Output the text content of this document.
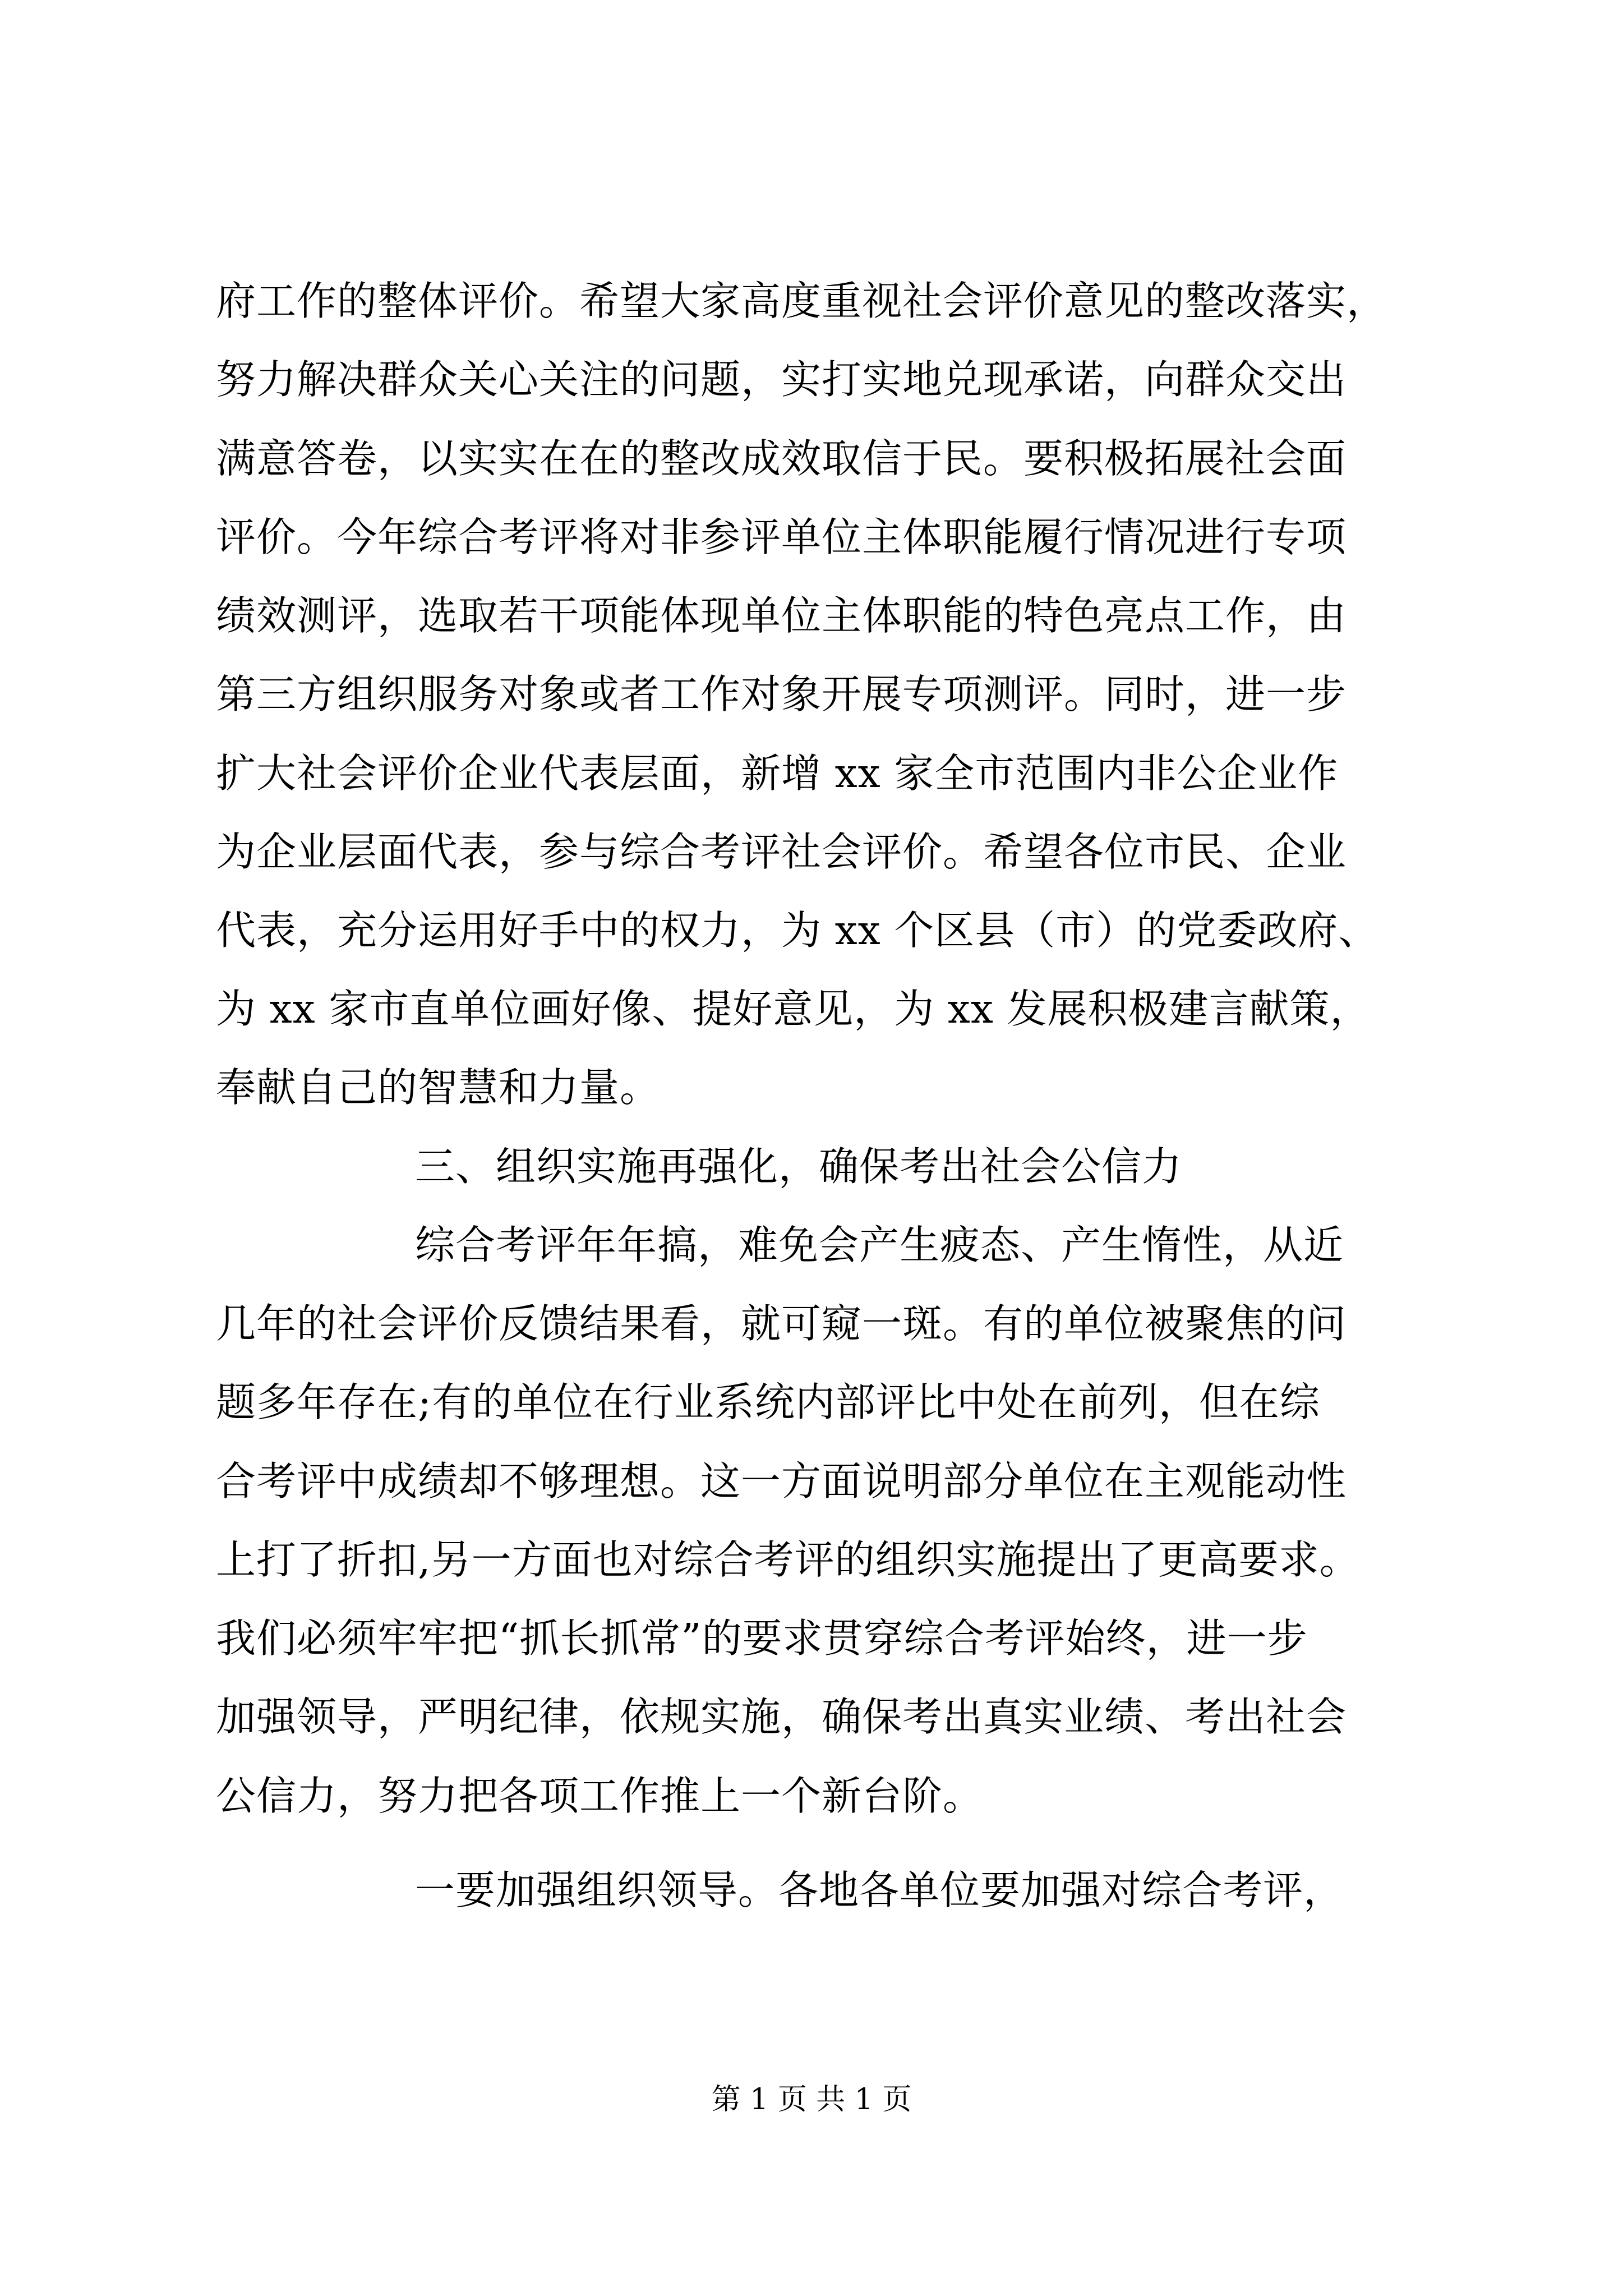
府工作的整体评价。希望大家高度重视社会评价意见的整改落实，
努力解决群众关心关注的问题，实打实地兑现承诺，向群众交出
满意答卷，以实实在在的整改成效取信于民。要积极拓展社会面
评价。今年综合考评将对非参评单位主体职能履行情况进行专项
绩效测评，选取若干项能体现单位主体职能的特色亮点工作，由
第三方组织服务对象或者工作对象开展专项测评。同时，进一步
扩大社会评价企业代表层面，新增 xx 家全市范围内非公企业作
为企业层面代表，参与综合考评社会评价。希望各位市民、企业
代表，充分运用好手中的权力，为 xx 个区县（市）的党委政府、
为 xx 家市直单位画好像、提好意见，为 xx 发展积极建言献策，
奉献自己的智慧和力量。
三、组织实施再强化，确保考出社会公信力
综合考评年年搞，难免会产生疲态、产生惰性，从近
几年的社会评价反馈结果看，就可窥一斑。有的单位被聚焦的问
题多年存在;有的单位在行业系统内部评比中处在前列，但在综
合考评中成绩却不够理想。这一方面说明部分单位在主观能动性
上打了折扣,另一方面也对综合考评的组织实施提出了更高要求。
我们必须牢牢把“抓长抓常”的要求贯穿综合考评始终，进一步
加强领导，严明纪律，依规实施，确保考出真实业绩、考出社会
公信力，努力把各项工作推上一个新台阶。
一要加强组织领导。各地各单位要加强对综合考评，
第 1 页 共 1 页
